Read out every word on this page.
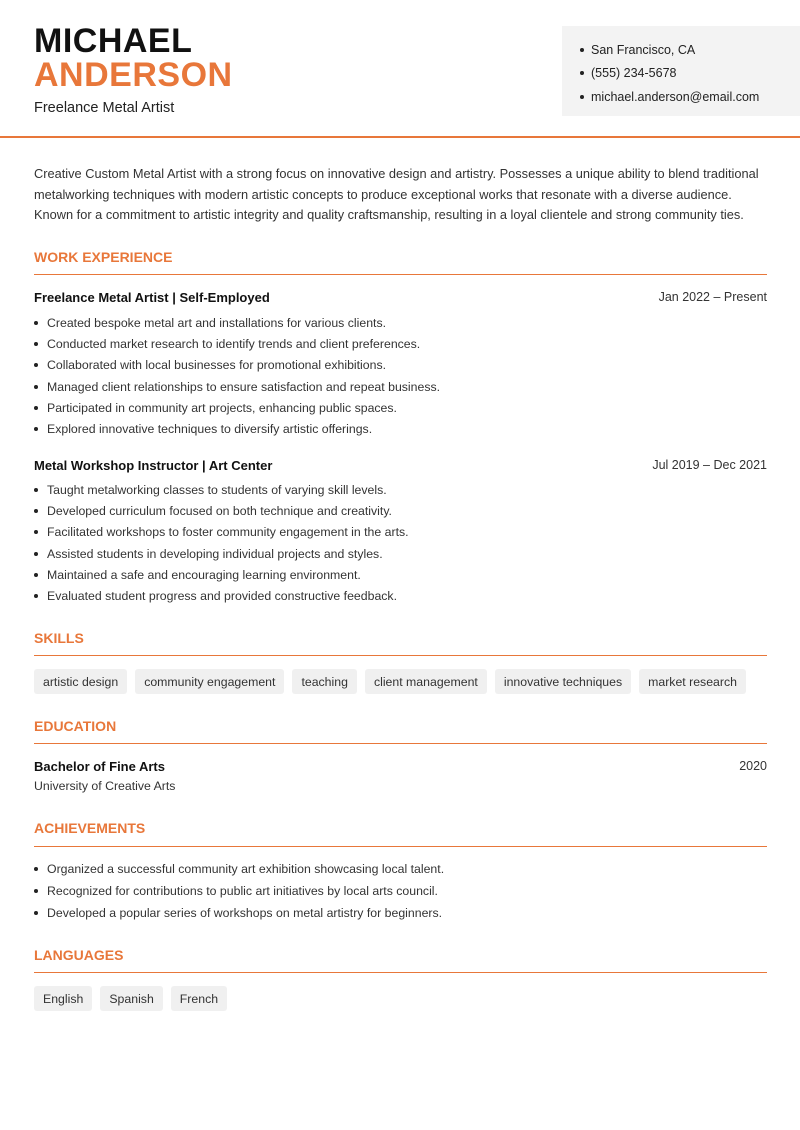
MICHAEL
ANDERSON
Freelance Metal Artist
San Francisco, CA
(555) 234-5678
michael.anderson@email.com
Creative Custom Metal Artist with a strong focus on innovative design and artistry. Possesses a unique ability to blend traditional metalworking techniques with modern artistic concepts to produce exceptional works that resonate with a diverse audience. Known for a commitment to artistic integrity and quality craftsmanship, resulting in a loyal clientele and strong community ties.
WORK EXPERIENCE
Freelance Metal Artist | Self-Employed	Jan 2022 – Present
Created bespoke metal art and installations for various clients.
Conducted market research to identify trends and client preferences.
Collaborated with local businesses for promotional exhibitions.
Managed client relationships to ensure satisfaction and repeat business.
Participated in community art projects, enhancing public spaces.
Explored innovative techniques to diversify artistic offerings.
Metal Workshop Instructor | Art Center	Jul 2019 – Dec 2021
Taught metalworking classes to students of varying skill levels.
Developed curriculum focused on both technique and creativity.
Facilitated workshops to foster community engagement in the arts.
Assisted students in developing individual projects and styles.
Maintained a safe and encouraging learning environment.
Evaluated student progress and provided constructive feedback.
SKILLS
artistic design	community engagement	teaching	client management	innovative techniques	market research
EDUCATION
Bachelor of Fine Arts	2020
University of Creative Arts
ACHIEVEMENTS
Organized a successful community art exhibition showcasing local talent.
Recognized for contributions to public art initiatives by local arts council.
Developed a popular series of workshops on metal artistry for beginners.
LANGUAGES
English	Spanish	French
